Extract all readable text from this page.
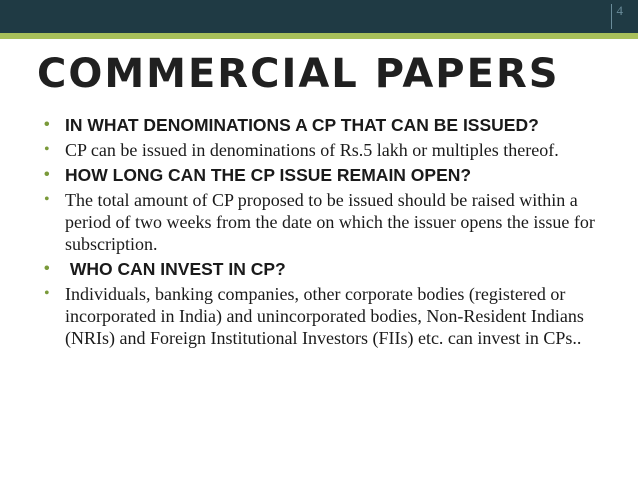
4
COMMERCIAL PAPERS
• IN WHAT DENOMINATIONS A CP THAT CAN BE ISSUED?
• CP can be issued in denominations of Rs.5 lakh or multiples thereof.
• HOW LONG CAN THE CP ISSUE REMAIN OPEN?
• The total amount of CP proposed to be issued should be raised within a period of two weeks from the date on which the issuer opens the issue for subscription.
• WHO CAN INVEST IN CP?
• Individuals, banking companies, other corporate bodies (registered or incorporated in India) and unincorporated bodies, Non-Resident Indians (NRIs) and Foreign Institutional Investors (FIIs) etc. can invest in CPs..
